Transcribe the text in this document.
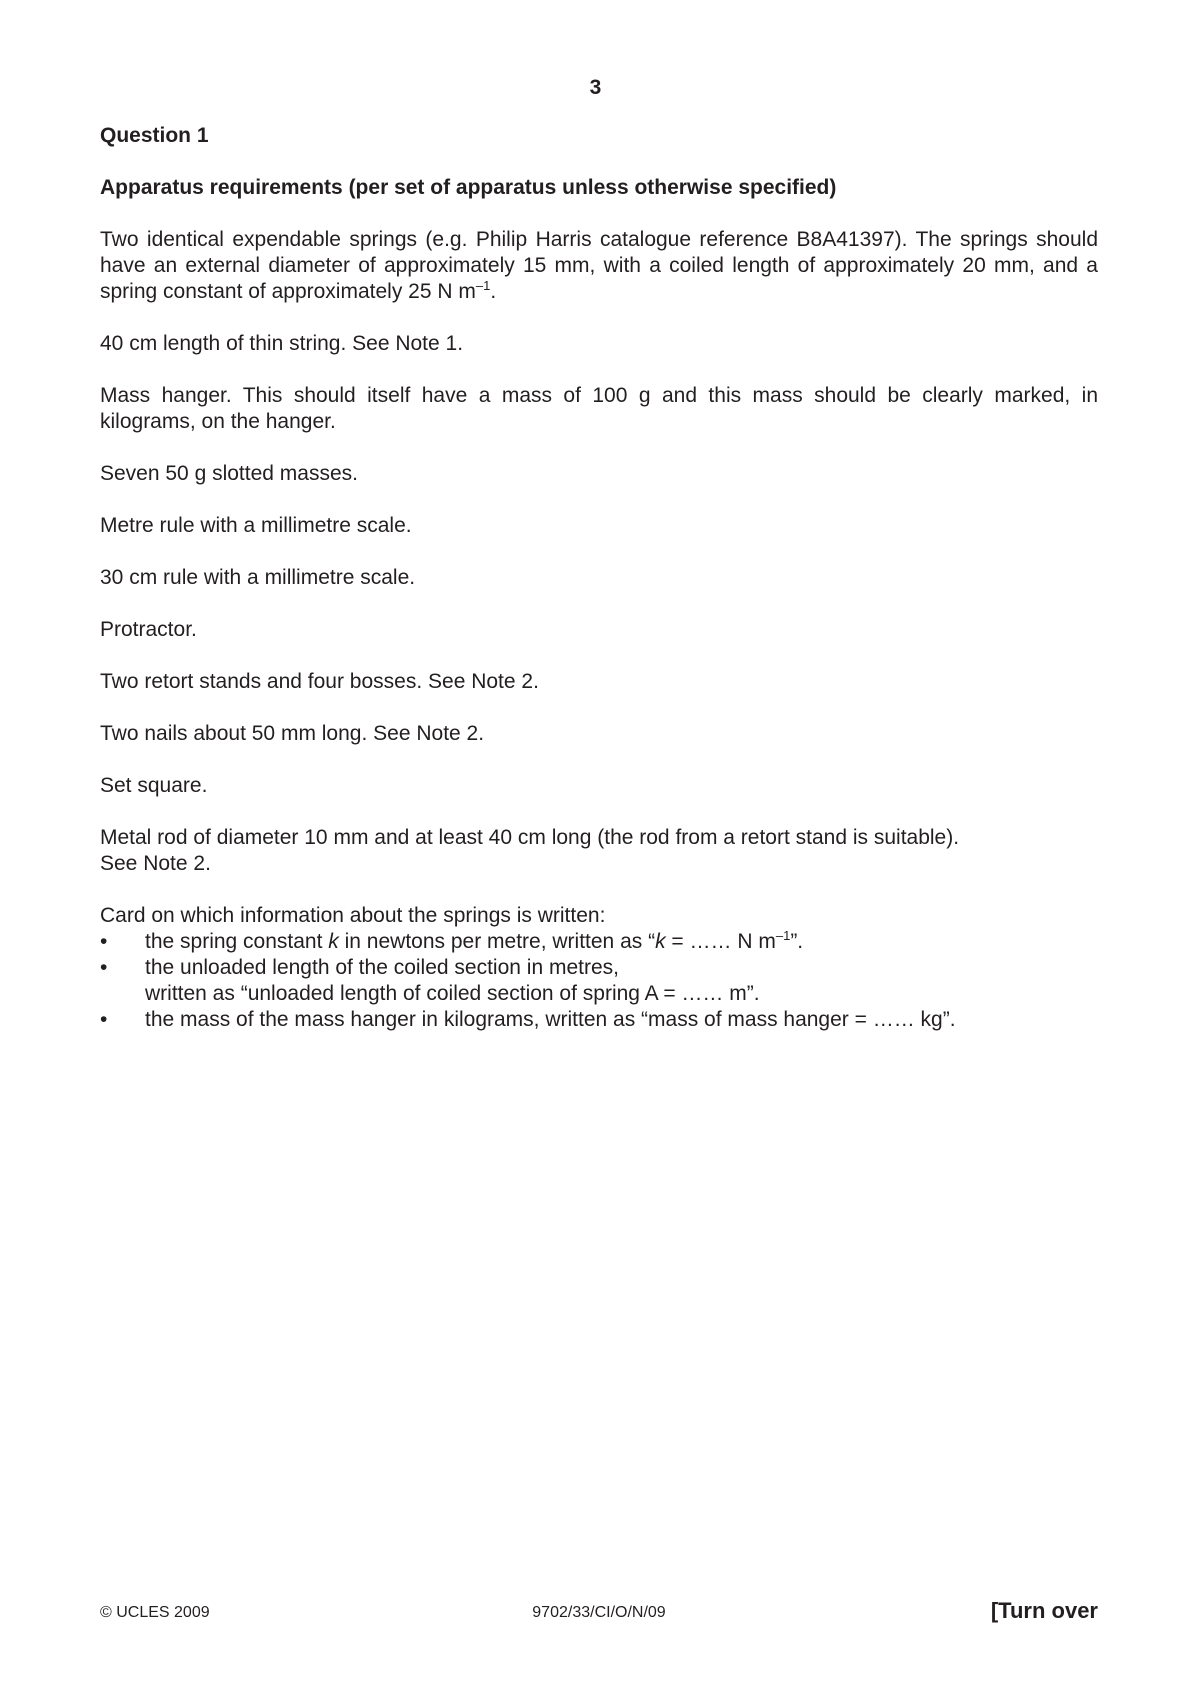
3

Question 1

Apparatus requirements (per set of apparatus unless otherwise specified)

Two identical expendable springs (e.g. Philip Harris catalogue reference B8A41397). The springs should have an external diameter of approximately 15 mm, with a coiled length of approximately 20 mm, and a spring constant of approximately 25 N $m^{-1}$.

40 cm length of thin string. See Note 1.

Mass hanger. This should itself have a mass of 100 g and this mass should be clearly marked, in kilograms, on the hanger.

Seven 50 g slotted masses.

Metre rule with a millimetre scale.

30 cm rule with a millimetre scale.

Protractor.

Two retort stands and four bosses. See Note 2.

Two nails about 50 mm long. See Note 2.

Set square.

Metal rod of diameter 10 mm and at least 40 cm long (the rod from a retort stand is suitable).
See Note 2.

Card on which information about the springs is written:
• the spring constant k in newtons per metre, written as “k = …… N $m^{-1}$”.
• the unloaded length of the coiled section in metres,
written as “unloaded length of coiled section of spring A = …… m”.
• the mass of the mass hanger in kilograms, written as “mass of mass hanger = …… kg”.
© UCLES 2009	9702/33/CI/O/N/09	[Turn over
